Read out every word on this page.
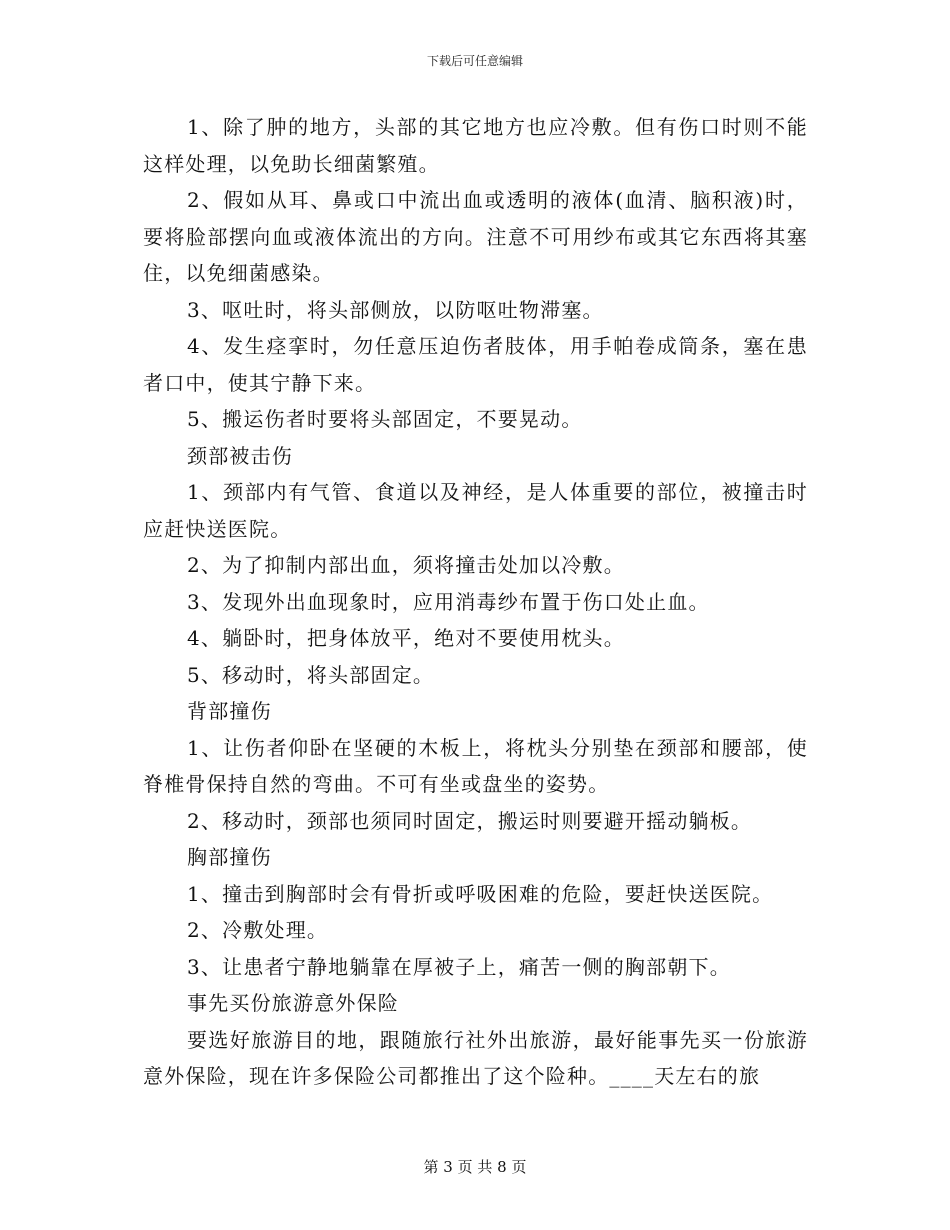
下载后可任意编辑

1、除了肿的地方，头部的其它地方也应冷敷。但有伤口时则不能这样处理，以免助长细菌繁殖。

2、假如从耳、鼻或口中流出血或透明的液体(血清、脑积液)时，要将脸部摆向血或液体流出的方向。注意不可用纱布或其它东西将其塞住，以免细菌感染。

3、呕吐时，将头部侧放，以防呕吐物滞塞。

4、发生痉挛时，勿任意压迫伤者肢体，用手帕卷成筒条，塞在患者口中，使其宁静下来。

5、搬运伤者时要将头部固定，不要晃动。

颈部被击伤

1、颈部内有气管、食道以及神经，是人体重要的部位，被撞击时应赶快送医院。

2、为了抑制内部出血，须将撞击处加以冷敷。

3、发现外出血现象时，应用消毒纱布置于伤口处止血。

4、躺卧时，把身体放平，绝对不要使用枕头。

5、移动时，将头部固定。

背部撞伤

1、让伤者仰卧在坚硬的木板上，将枕头分别垫在颈部和腰部，使脊椎骨保持自然的弯曲。不可有坐或盘坐的姿势。

2、移动时，颈部也须同时固定，搬运时则要避开摇动躺板。

胸部撞伤

1、撞击到胸部时会有骨折或呼吸困难的危险，要赶快送医院。

2、冷敷处理。

3、让患者宁静地躺靠在厚被子上，痛苦一侧的胸部朝下。

事先买份旅游意外保险

要选好旅游目的地，跟随旅行社外出旅游，最好能事先买一份旅游意外保险，现在许多保险公司都推出了这个险种。____天左右的旅

第 3 页 共 8 页
